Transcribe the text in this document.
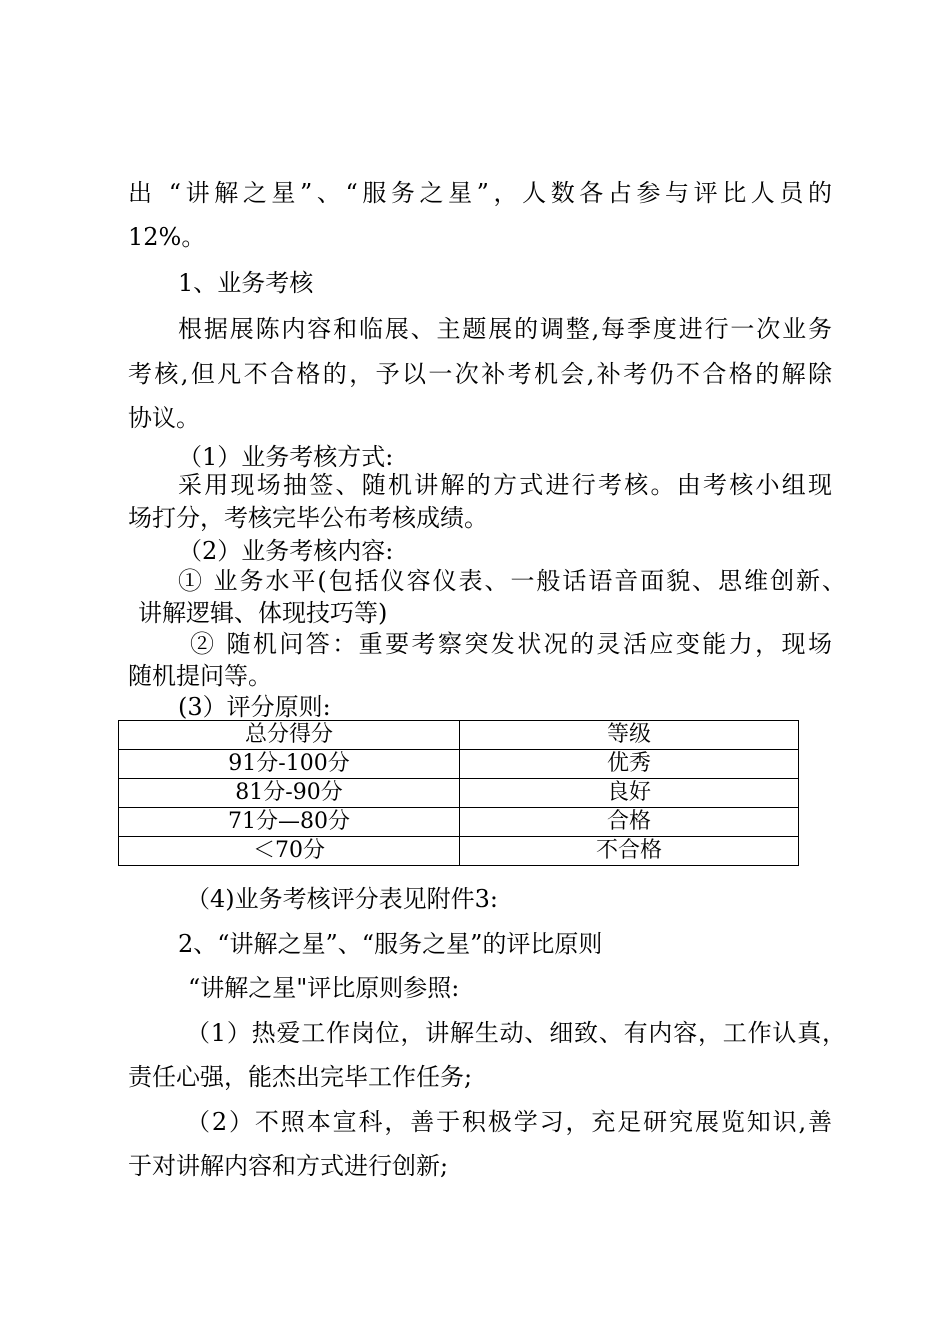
出 “讲解之星”、“服务之星”，人数各占参与评比人员的
12%。
1、业务考核
根据展陈内容和临展、主题展的调整,每季度进行一次业务
考核,但凡不合格的，予以一次补考机会,补考仍不合格的解除
协议。
（1）业务考核方式:
采用现场抽签、随机讲解的方式进行考核。由考核小组现
场打分，考核完毕公布考核成绩。
（2）业务考核内容:
① 业务水平(包括仪容仪表、一般话语音面貌、思维创新、
讲解逻辑、体现技巧等)
② 随机问答：重要考察突发状况的灵活应变能力，现场
随机提问等。
(3）评分原则:
总分得分	等级
91分-100分	优秀
81分-90分	良好
71分—80分	合格
＜70分	不合格
（4)业务考核评分表见附件3:
2、“讲解之星”、“服务之星”的评比原则
“讲解之星"评比原则参照:
（1）热爱工作岗位，讲解生动、细致、有内容，工作认真，
责任心强，能杰出完毕工作任务;
（2）不照本宣科，善于积极学习，充足研究展览知识,善
于对讲解内容和方式进行创新;
